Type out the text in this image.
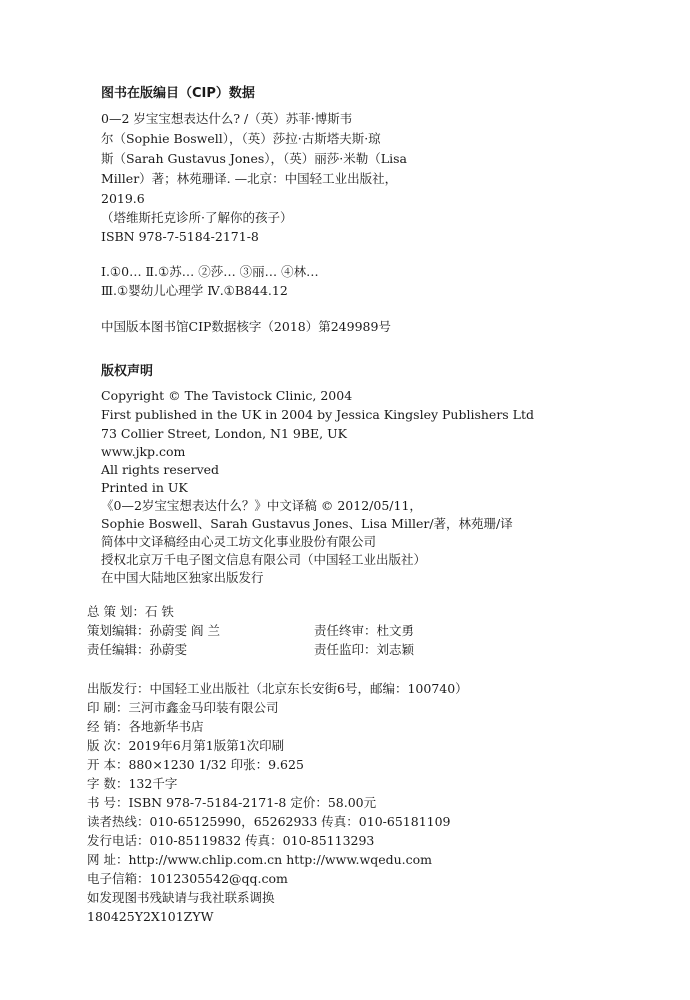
图书在版编目（CIP）数据
0—2 岁宝宝想表达什么? /（英）苏菲·博斯韦
尔（Sophie Boswell），（英）莎拉·古斯塔夫斯·琼
斯（Sarah Gustavus Jones），（英）丽莎·米勒（Lisa
Miller）著；林苑珊译. —北京：中国轻工业出版社，
2019.6
（塔维斯托克诊所·了解你的孩子）
ISBN 978-7-5184-2171-8
Ⅰ.①0… Ⅱ.①苏… ②莎… ③丽… ④林…
Ⅲ.①婴幼儿心理学 Ⅳ.①B844.12
中国版本图书馆CIP数据核字（2018）第249989号
版权声明
Copyright © The Tavistock Clinic, 2004
First published in the UK in 2004 by Jessica Kingsley Publishers Ltd
73 Collier Street, London, N1 9BE, UK
www.jkp.com
All rights reserved
Printed in UK
《0—2岁宝宝想表达什么？》中文译稿 © 2012/05/11，
Sophie Boswell、Sarah Gustavus Jones、Lisa Miller/著，林苑珊/译
简体中文译稿经由心灵工坊文化事业股份有限公司
授权北京万千电子图文信息有限公司（中国轻工业出版社）
在中国大陆地区独家出版发行
总 策 划：石 铁
策划编辑：孙蔚雯 阎 兰	责任终审：杜文勇
责任编辑：孙蔚雯	责任监印：刘志颖
出版发行：中国轻工业出版社（北京东长安街6号，邮编：100740）
印 刷：三河市鑫金马印装有限公司
经 销：各地新华书店
版 次：2019年6月第1版第1次印刷
开 本：880×1230 1/32 印张：9.625
字 数：132千字
书 号：ISBN 978-7-5184-2171-8 定价：58.00元
读者热线：010-65125990，65262933 传真：010-65181109
发行电话：010-85119832 传真：010-85113293
网 址：http://www.chlip.com.cn http://www.wqedu.com
电子信箱：1012305542@qq.com
如发现图书残缺请与我社联系调换
180425Y2X101ZYW
